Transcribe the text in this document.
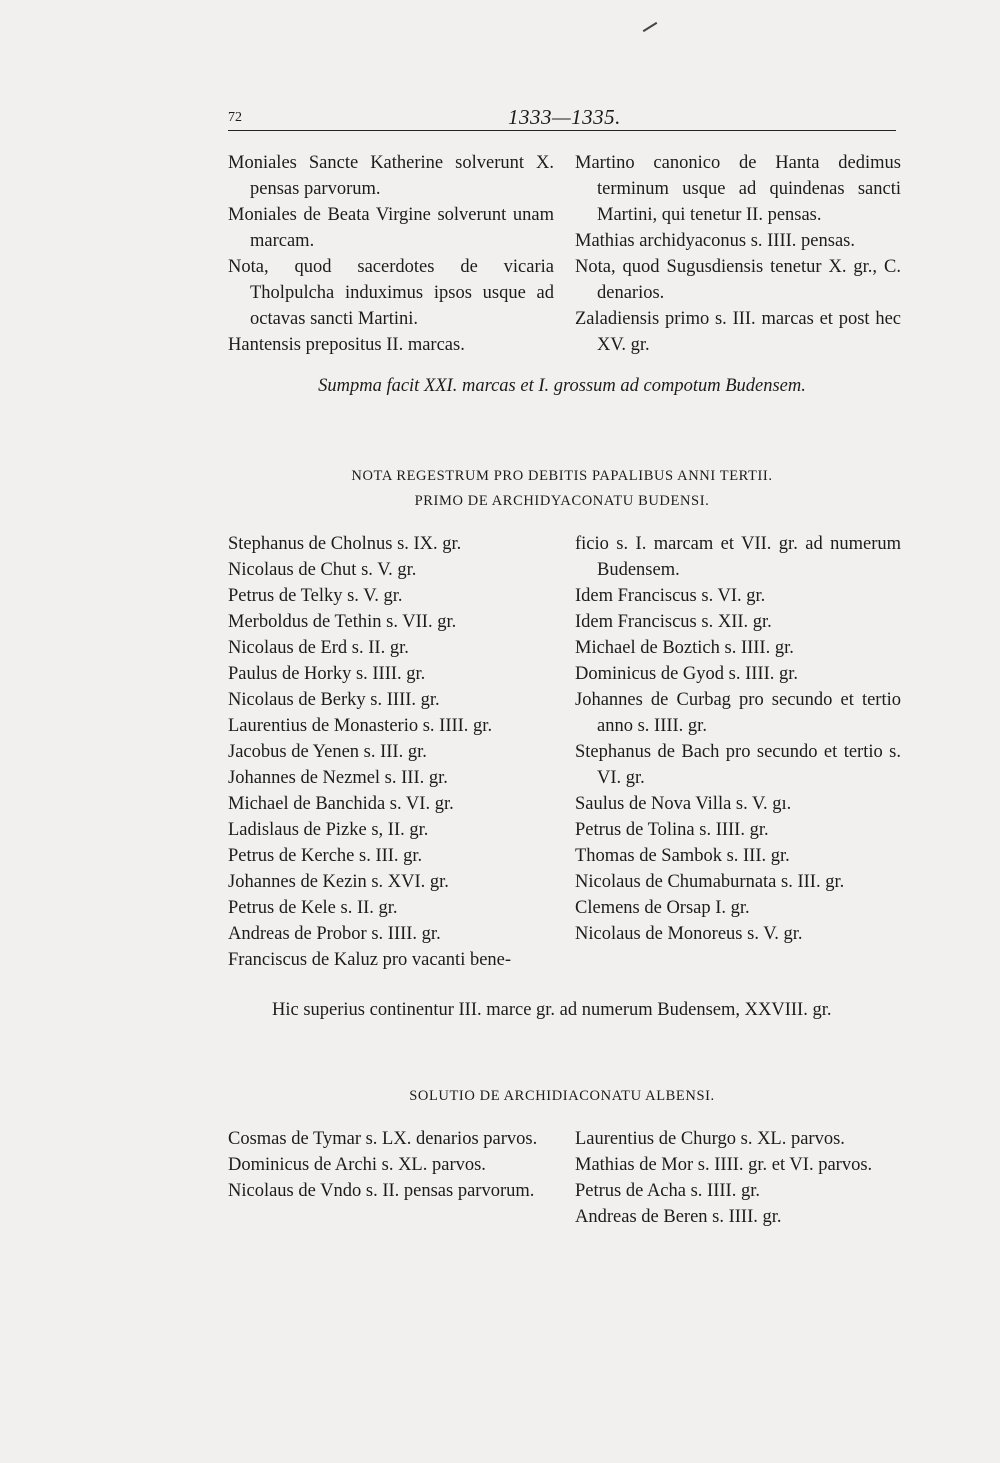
72	1333—1335.

Moniales Sancte Katherine solverunt X. pensas parvorum.

Moniales de Beata Virgine solverunt unam marcam.

Nota, quod sacerdotes de vicaria Tholpulcha induximus ipsos usque ad octavas sancti Martini.

Hantensis prepositus II. marcas.

Martino canonico de Hanta dedimus terminum usque ad quindenas sancti Martini, qui tenetur II. pensas.

Mathias archidyaconus s. IIII. pensas.

Nota, quod Sugusdiensis tenetur X. gr., C. denarios.

Zaladiensis primo s. III. marcas et post hec XV. gr.

Sumpma facit XXI. marcas et I. grossum ad compotum Budensem.
NOTA REGESTRUM PRO DEBITIS PAPALIBUS ANNI TERTII.
PRIMO DE ARCHIDYACONATU BUDENSI.

Stephanus de Cholnus s. IX. gr.

Nicolaus de Chut s. V. gr.

Petrus de Telky s. V. gr.

Merboldus de Tethin s. VII. gr.

Nicolaus de Erd s. II. gr.

Paulus de Horky s. IIII. gr.

Nicolaus de Berky s. IIII. gr.

Laurentius de Monasterio s. IIII. gr.

Jacobus de Yenen s. III. gr.

Johannes de Nezmel s. III. gr.

Michael de Banchida s. VI. gr.

Ladislaus de Pizke s, II. gr.

Petrus de Kerche s. III. gr.

Johannes de Kezin s. XVI. gr.

Petrus de Kele s. II. gr.

Andreas de Probor s. IIII. gr.

Franciscus de Kaluz pro vacanti bene-

ficio s. I. marcam et VII. gr. ad numerum Budensem.

Idem Franciscus s. VI. gr.

Idem Franciscus s. XII. gr.

Michael de Boztich s. IIII. gr.

Dominicus de Gyod s. IIII. gr.

Johannes de Curbag pro secundo et tertio anno s. IIII. gr.

Stephanus de Bach pro secundo et tertio s. VI. gr.

Saulus de Nova Villa s. V. gı.

Petrus de Tolina s. IIII. gr.

Thomas de Sambok s. III. gr.

Nicolaus de Chumaburnata s. III. gr.

Clemens de Orsap I. gr.

Nicolaus de Monoreus s. V. gr.

Hic superius continentur III. marce gr. ad numerum Budensem, XXVIII. gr.
SOLUTIO DE ARCHIDIACONATU ALBENSI.

Cosmas de Tymar s. LX. denarios parvos.

Dominicus de Archi s. XL. parvos.

Nicolaus de Vndo s. II. pensas parvorum.

Laurentius de Churgo s. XL. parvos.

Mathias de Mor s. IIII. gr. et VI. parvos.

Petrus de Acha s. IIII. gr.

Andreas de Beren s. IIII. gr.
